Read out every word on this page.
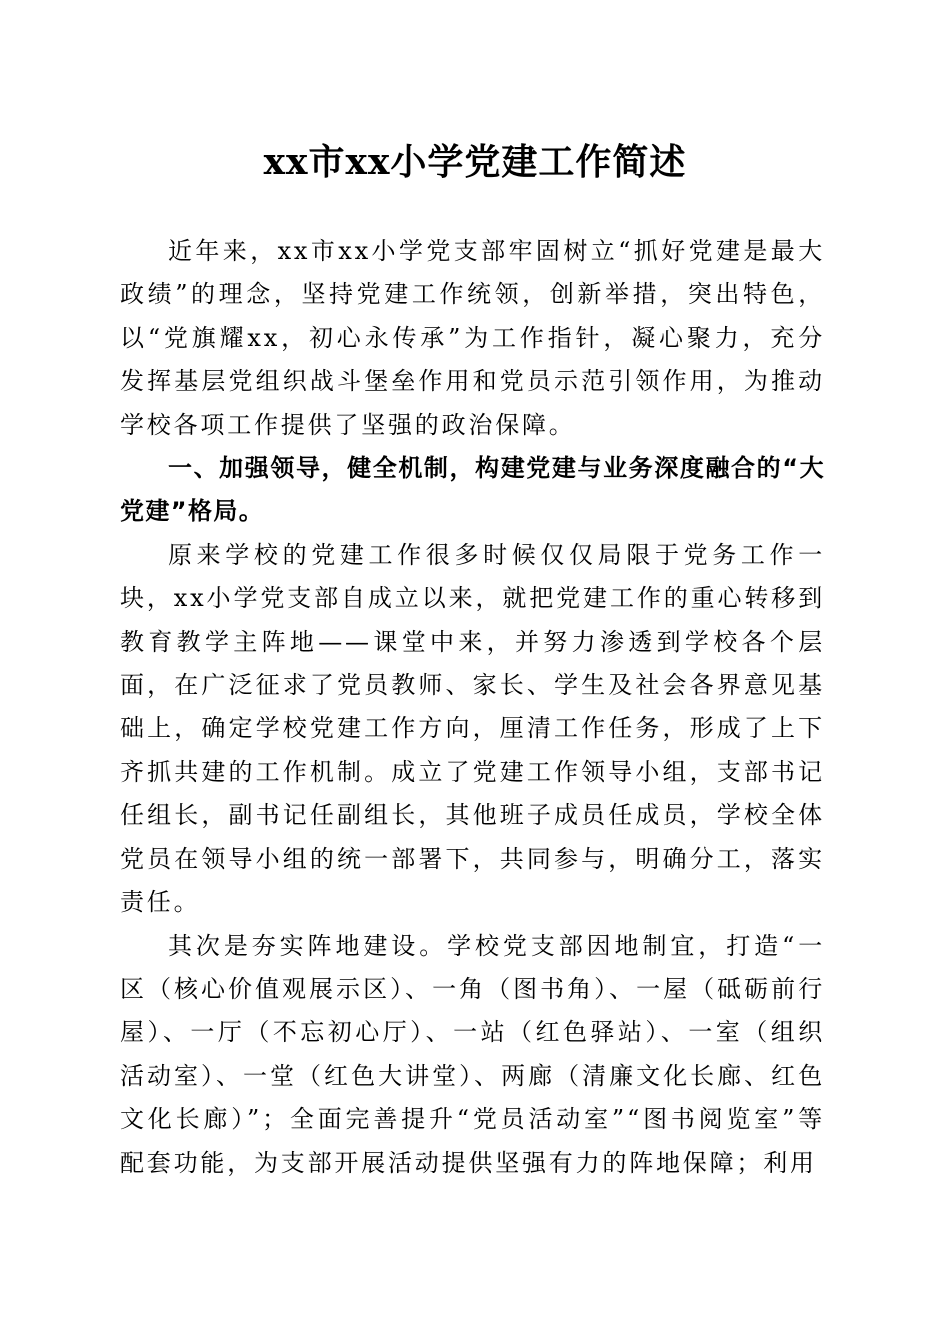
xx市xx小学党建工作简述

近年来，xx市xx小学党支部牢固树立“抓好党建是最大政绩”的理念，坚持党建工作统领，创新举措，突出特色，以“党旗耀xx，初心永传承”为工作指针，凝心聚力，充分发挥基层党组织战斗堡垒作用和党员示范引领作用，为推动学校各项工作提供了坚强的政治保障。

一、加强领导，健全机制，构建党建与业务深度融合的“大党建”格局。

原来学校的党建工作很多时候仅仅局限于党务工作一块，xx小学党支部自成立以来，就把党建工作的重心转移到教育教学主阵地——课堂中来，并努力渗透到学校各个层面，在广泛征求了党员教师、家长、学生及社会各界意见基础上，确定学校党建工作方向，厘清工作任务，形成了上下齐抓共建的工作机制。成立了党建工作领导小组，支部书记任组长，副书记任副组长，其他班子成员任成员，学校全体党员在领导小组的统一部署下，共同参与，明确分工，落实责任。

其次是夯实阵地建设。学校党支部因地制宜，打造“一区（核心价值观展示区）、一角（图书角）、一屋（砥砺前行屋）、一厅（不忘初心厅）、一站（红色驿站）、一室（组织活动室）、一堂（红色大讲堂）、两廊（清廉文化长廊、红色文化长廊）”；全面完善提升“党员活动室”“图书阅览室”等配套功能，为支部开展活动提供坚强有力的阵地保障；利用
